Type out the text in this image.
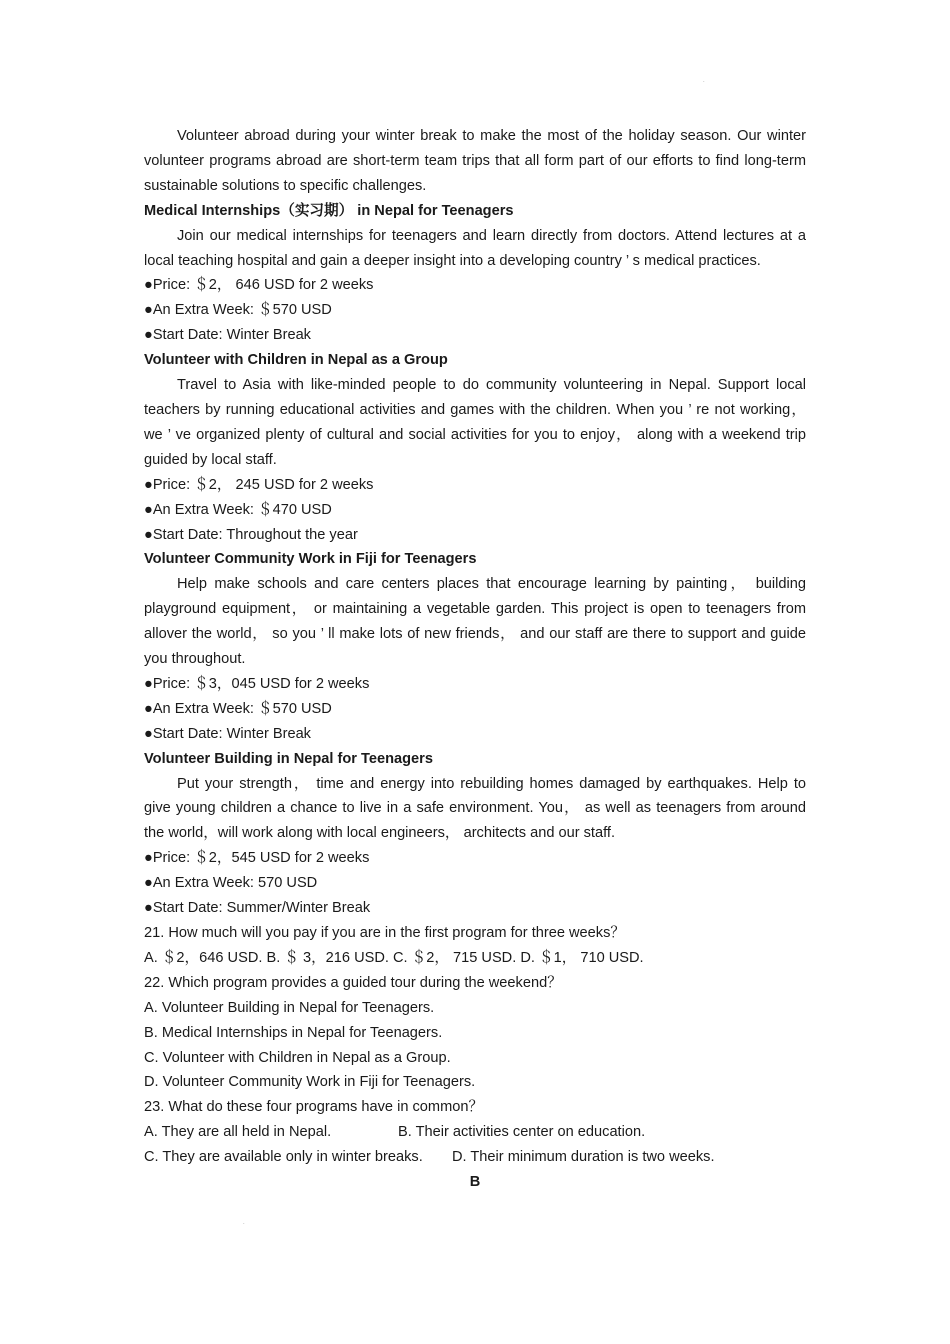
.

Volunteer abroad during your winter break to make the most of the holiday season. Our winter volunteer programs abroad are short-term team trips that all form part of our efforts to find long-term sustainable solutions to specific challenges.

Medical Internships（实习期） in Nepal for Teenagers

Join our medical internships for teenagers and learn directly from doctors. Attend lectures at a local teaching hospital and gain a deeper insight into a developing country ’ s medical practices.

● Price: ＄2， 646 USD for 2 weeks

● An Extra Week: ＄570 USD

● Start Date: Winter Break

Volunteer with Children in Nepal as a Group

Travel to Asia with like-minded people to do community volunteering in Nepal. Support local teachers by running educational activities and games with the children. When you ’ re not working， we ’ ve organized plenty of cultural and social activities for you to enjoy， along with a weekend trip guided by local staff.

● Price: ＄2， 245 USD for 2 weeks

● An Extra Week: ＄470 USD

● Start Date: Throughout the year

Volunteer Community Work in Fiji for Teenagers

Help make schools and care centers places that encourage learning by painting， building playground equipment， or maintaining a vegetable garden. This project is open to teenagers from allover the world， so you ’ ll make lots of new friends， and our staff are there to support and guide you throughout.

● Price: ＄3，045 USD for 2 weeks

● An Extra Week: ＄570 USD

● Start Date: Winter Break

Volunteer Building in Nepal for Teenagers

Put your strength， time and energy into rebuilding homes damaged by earthquakes. Help to give young children a chance to live in a safe environment. You， as well as teenagers from around the world，will work along with local engineers， architects and our staff.

● Price: ＄2，545 USD for 2 weeks

● An Extra Week: 570 USD

● Start Date: Summer/Winter Break

21. How much will you pay if you are in the first program for three weeks？

A. ＄2，646 USD. B. ＄ 3，216 USD. C. ＄2， 715 USD. D. ＄1， 710 USD.

22. Which program provides a guided tour during the weekend？

A. Volunteer Building in Nepal for Teenagers.

B. Medical Internships in Nepal for Teenagers.

C. Volunteer with Children in Nepal as a Group.

D. Volunteer Community Work in Fiji for Teenagers.

23. What do these four programs have in common？

A. They are all held in Nepal.	B. Their activities center on education.
C. They are available only in winter breaks.	D. Their minimum duration is two weeks.

B

.
